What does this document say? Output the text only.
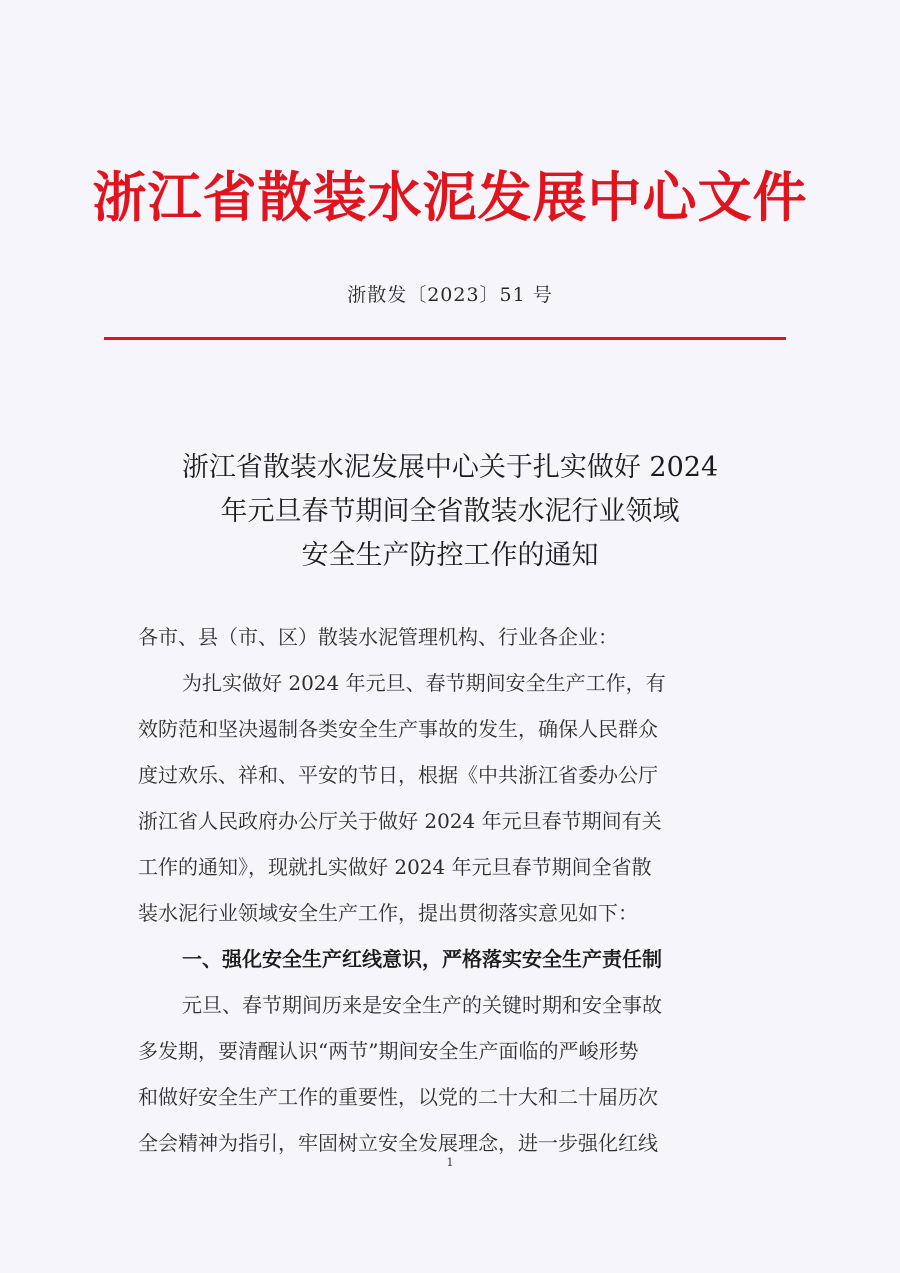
浙江省散装水泥发展中心文件
浙散发〔2023〕51 号
浙江省散装水泥发展中心关于扎实做好 2024
年元旦春节期间全省散装水泥行业领域
安全生产防控工作的通知
各市、县（市、区）散装水泥管理机构、行业各企业：
为扎实做好 2024 年元旦、春节期间安全生产工作，有
效防范和坚决遏制各类安全生产事故的发生，确保人民群众
度过欢乐、祥和、平安的节日，根据《中共浙江省委办公厅
浙江省人民政府办公厅关于做好 2024 年元旦春节期间有关
工作的通知》，现就扎实做好 2024 年元旦春节期间全省散
装水泥行业领域安全生产工作，提出贯彻落实意见如下：
一、强化安全生产红线意识，严格落实安全生产责任制
元旦、春节期间历来是安全生产的关键时期和安全事故
多发期，要清醒认识“两节”期间安全生产面临的严峻形势
和做好安全生产工作的重要性，以党的二十大和二十届历次
全会精神为指引，牢固树立安全发展理念，进一步强化红线
1
